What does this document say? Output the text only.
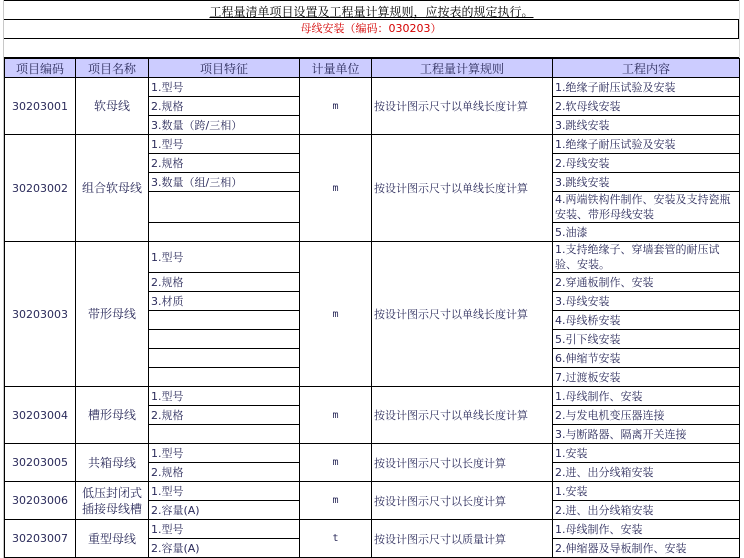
工程量清单项目设置及工程量计算规则，应按表的规定执行。
母线安装（编码：030203）
项目编码	项目名称	项目特征	计量单位	工程量计算规则	工程内容
30203001	软母线	1.型号	m	按设计图示尺寸以单线长度计算	1.绝缘子耐压试验及安装
		2.规格			2.软母线安装
		3.数量（跨/三相）			3.跳线安装
30203002	组合软母线	1.型号	m	按设计图示尺寸以单线长度计算	1.绝缘子耐压试验及安装
		2.规格			2.母线安装
		3.数量（组/三相）			3.跳线安装
					4.两端铁构件制作、安装及支持瓷瓶安装、带形母线安装
					5.油漆
30203003	带形母线	1.型号	m	按设计图示尺寸以单线长度计算	1.支持绝缘子、穿墙套管的耐压试验、安装。
		2.规格			2.穿通板制作、安装
		3.材质			3.母线安装
					4.母线桥安装
					5.引下线安装
					6.伸缩节安装
					7.过渡板安装
30203004	槽形母线	1.型号	m	按设计图示尺寸以单线长度计算	1.母线制作、安装
		2.规格			2.与发电机变压器连接
					3.与断路器、隔离开关连接
30203005	共箱母线	1.型号	m	按设计图示尺寸以长度计算	1.安装
		2.规格			2.进、出分线箱安装
30203006	低压封闭式插接母线槽	1.型号	m	按设计图示尺寸以长度计算	1.安装
		2.容量(A)			2.进、出分线箱安装
30203007	重型母线	1.型号	t	按设计图示尺寸以质量计算	1.母线制作、安装
		2.容量(A)			2.伸缩器及导板制作、安装
